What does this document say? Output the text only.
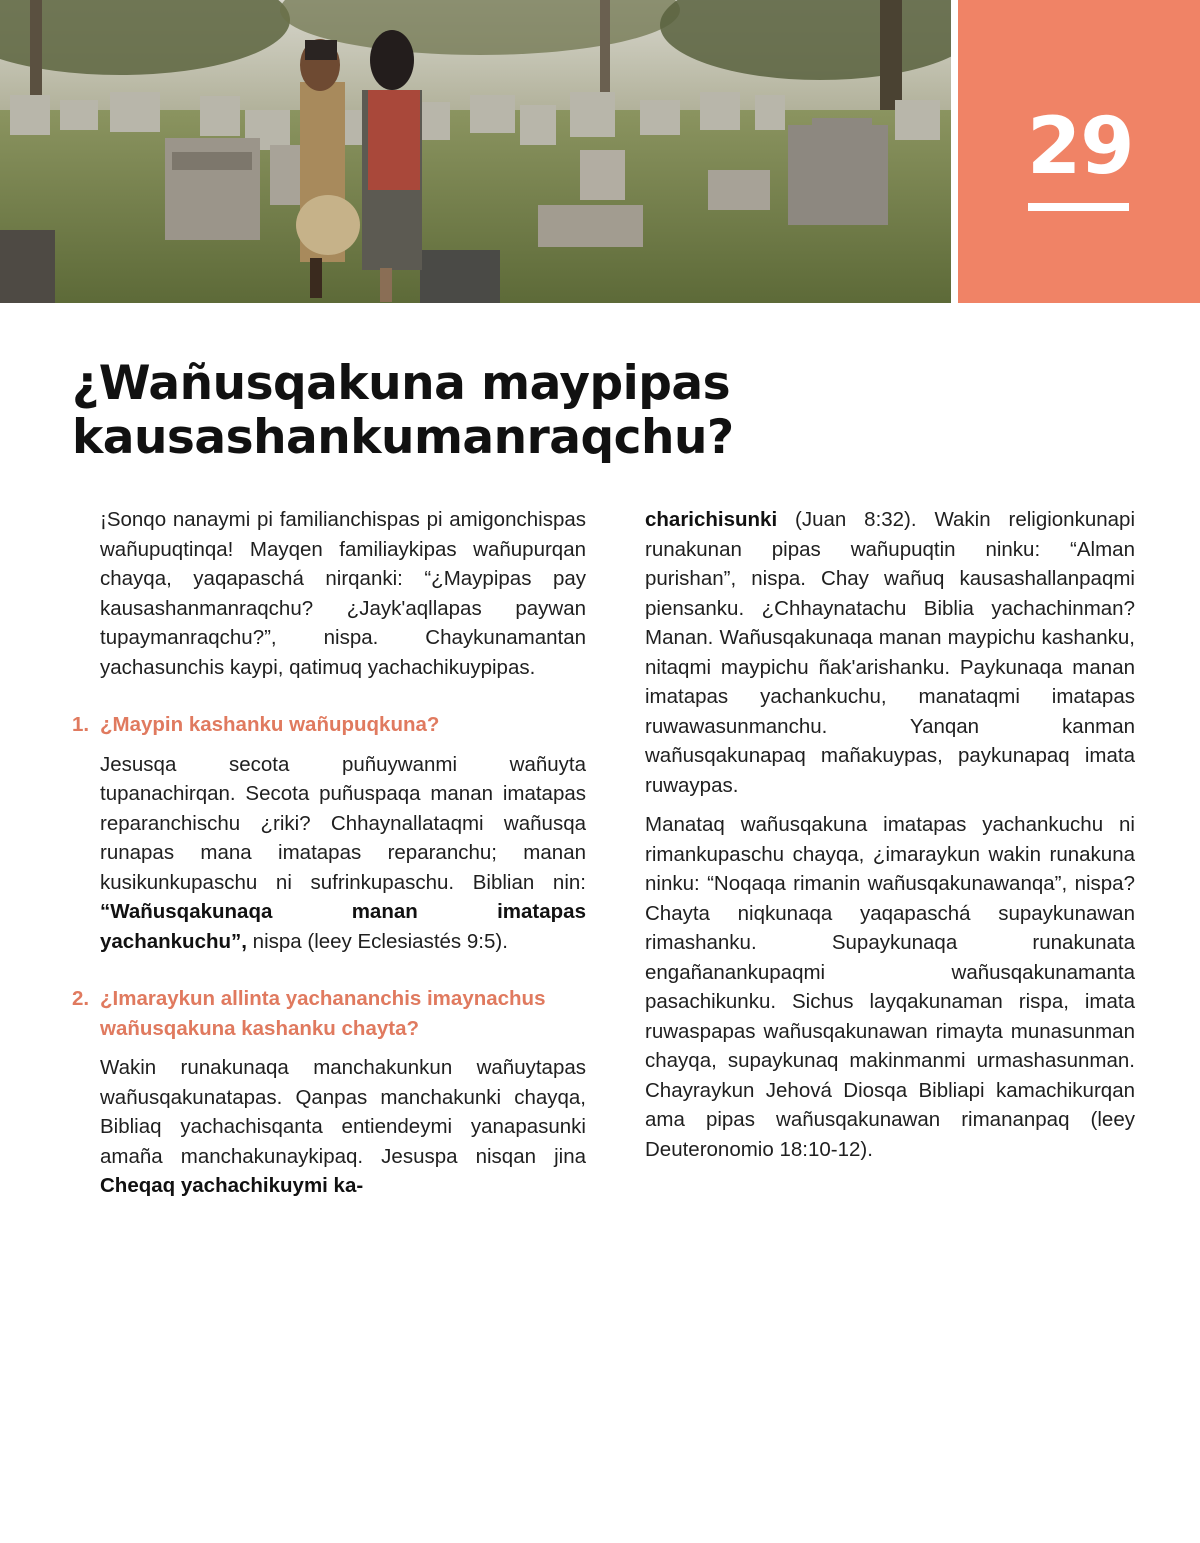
29
¿Wañusqakuna maypipas
kausashankumanraqchu?

¡Sonqo nanaymi pi familianchispas pi amigonchispas wañupuqtinqa! Mayqen familiaykipas wañupurqan chayqa, yaqapaschá nirqanki: “¿Maypipas pay kausashanmanraqchu? ¿Jayk'aqllapas paywan tupaymanraqchu?”, nispa. Chaykunamantan yachasunchis kaypi, qatimuq yachachikuypipas.

1. ¿Maypin kashanku wañupuqkuna?

Jesusqa secota puñuywanmi wañuyta tupanachirqan. Secota puñuspaqa manan imatapas reparanchischu ¿riki? Chhaynallataqmi wañusqa runapas mana imatapas reparanchu; manan kusikunkupaschu ni sufrinkupaschu. Biblian nin: “Wañusqakunaqa manan imatapas yachankuchu”, nispa (leey Eclesiastés 9:5).

2. ¿Imaraykun allinta yachananchis imaynachus
wañusqakuna kashanku chayta?

Wakin runakunaqa manchakunkun wañuytapas wañusqakunatapas. Qanpas manchakunki chayqa, Bibliaq yachachisqanta entiendeymi yanapasunki amaña manchakunaykipaq. Jesuspa nisqan jina Cheqaq yachachikuymi ka-

charichisunki (Juan 8:32). Wakin religionkunapi runakunan pipas wañupuqtin ninku: “Alman purishan”, nispa. Chay wañuq kausashallanpaqmi piensanku. ¿Chhaynatachu Biblia yachachinman? Manan. Wañusqakunaqa manan maypichu kashanku, nitaqmi maypichu ñak'arishanku. Paykunaqa manan imatapas yachankuchu, manataqmi imatapas ruwawasunmanchu. Yanqan kanman wañusqakunapaq mañakuypas, paykunapaq imata ruwaypas.

Manataq wañusqakuna imatapas yachankuchu ni rimankupaschu chayqa, ¿imaraykun wakin runakuna ninku: “Noqaqa rimanin wañusqakunawanqa”, nispa? Chayta niqkunaqa yaqapaschá supaykunawan rimashanku. Supaykunaqa runakunata engañanankupaqmi wañusqakunamanta pasachikunku. Sichus layqakunaman rispa, imata ruwaspapas wañusqakunawan rimayta munasunman chayqa, supaykunaq makinmanmi urmashasunman. Chayraykun Jehová Diosqa Bibliapi kamachikurqan ama pipas wañusqakunawan rimananpaq (leey Deuteronomio 18:10-12).
